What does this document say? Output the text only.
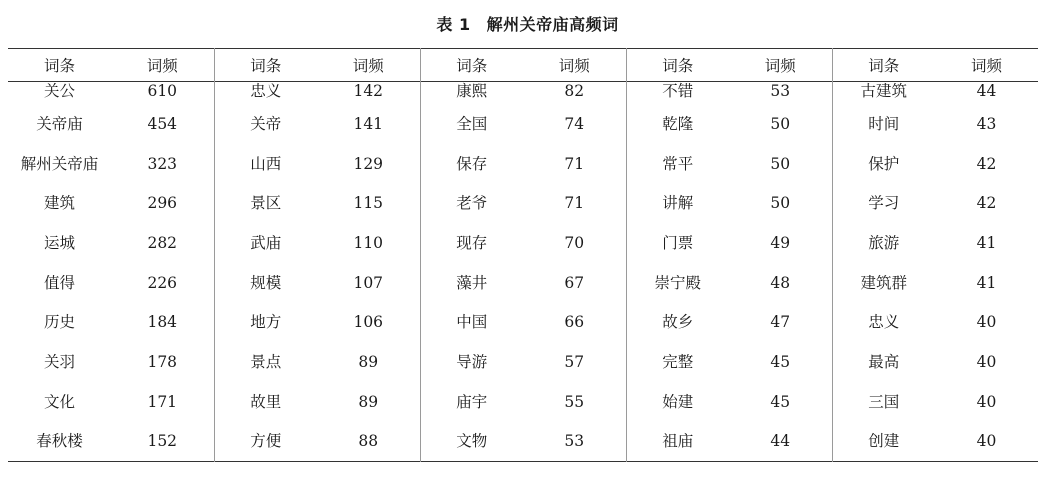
表 1 解州关帝庙高频词
词条	词频	词条	词频	词条	词频	词条	词频	词条	词频
关公	610	忠义	142	康熙	82	不错	53	古建筑	44
关帝庙	454	关帝	141	全国	74	乾隆	50	时间	43
解州关帝庙	323	山西	129	保存	71	常平	50	保护	42
建筑	296	景区	115	老爷	71	讲解	50	学习	42
运城	282	武庙	110	现存	70	门票	49	旅游	41
值得	226	规模	107	藻井	67	崇宁殿	48	建筑群	41
历史	184	地方	106	中国	66	故乡	47	忠义	40
关羽	178	景点	89	导游	57	完整	45	最高	40
文化	171	故里	89	庙宇	55	始建	45	三国	40
春秋楼	152	方便	88	文物	53	祖庙	44	创建	40
